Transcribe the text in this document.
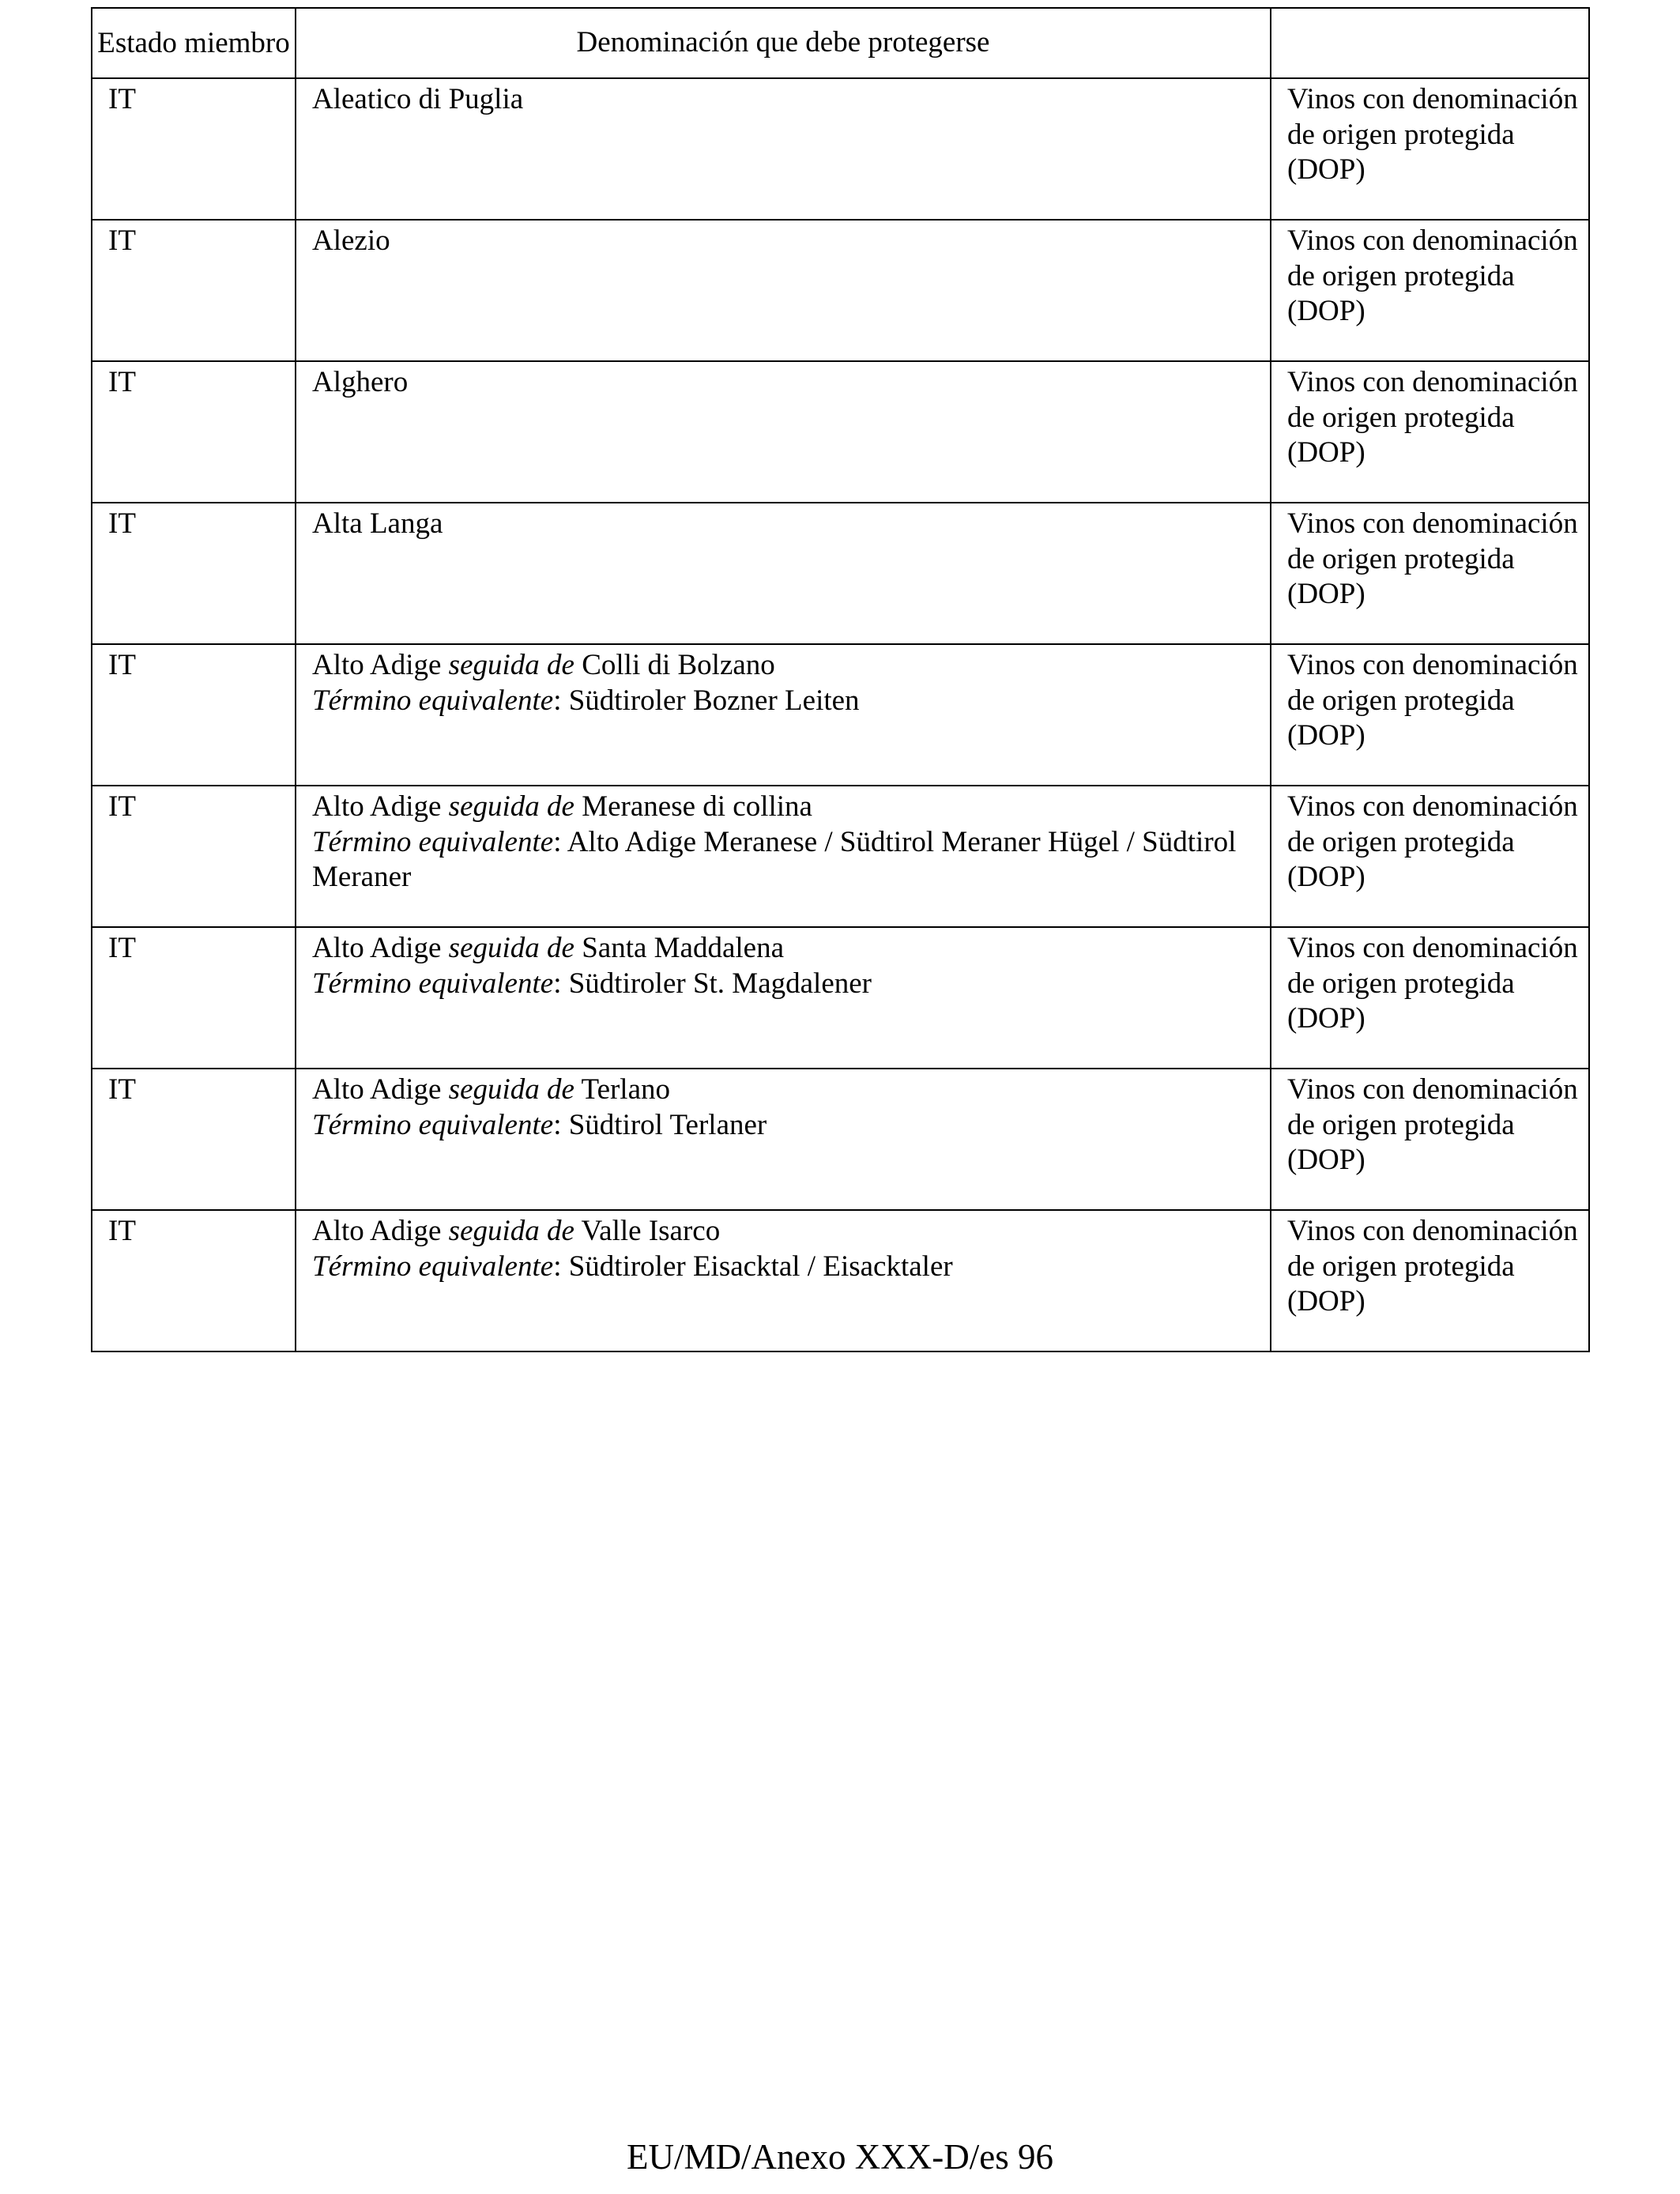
Estado miembro	Denominación que debe protegerse	
IT	Aleatico di Puglia	Vinos con denominación de origen protegida (DOP)
IT	Alezio	Vinos con denominación de origen protegida (DOP)
IT	Alghero	Vinos con denominación de origen protegida (DOP)
IT	Alta Langa	Vinos con denominación de origen protegida (DOP)
IT	Alto Adige seguida de Colli di Bolzano
Término equivalente: Südtiroler Bozner Leiten	Vinos con denominación de origen protegida (DOP)
IT	Alto Adige seguida de Meranese di collina
Término equivalente: Alto Adige Meranese / Südtirol Meraner Hügel / Südtirol Meraner	Vinos con denominación de origen protegida (DOP)
IT	Alto Adige seguida de Santa Maddalena
Término equivalente: Südtiroler St. Magdalener	Vinos con denominación de origen protegida (DOP)
IT	Alto Adige seguida de Terlano
Término equivalente: Südtirol Terlaner	Vinos con denominación de origen protegida (DOP)
IT	Alto Adige seguida de Valle Isarco
Término equivalente: Südtiroler Eisacktal / Eisacktaler	Vinos con denominación de origen protegida (DOP)
EU/MD/Anexo XXX-D/es 96
